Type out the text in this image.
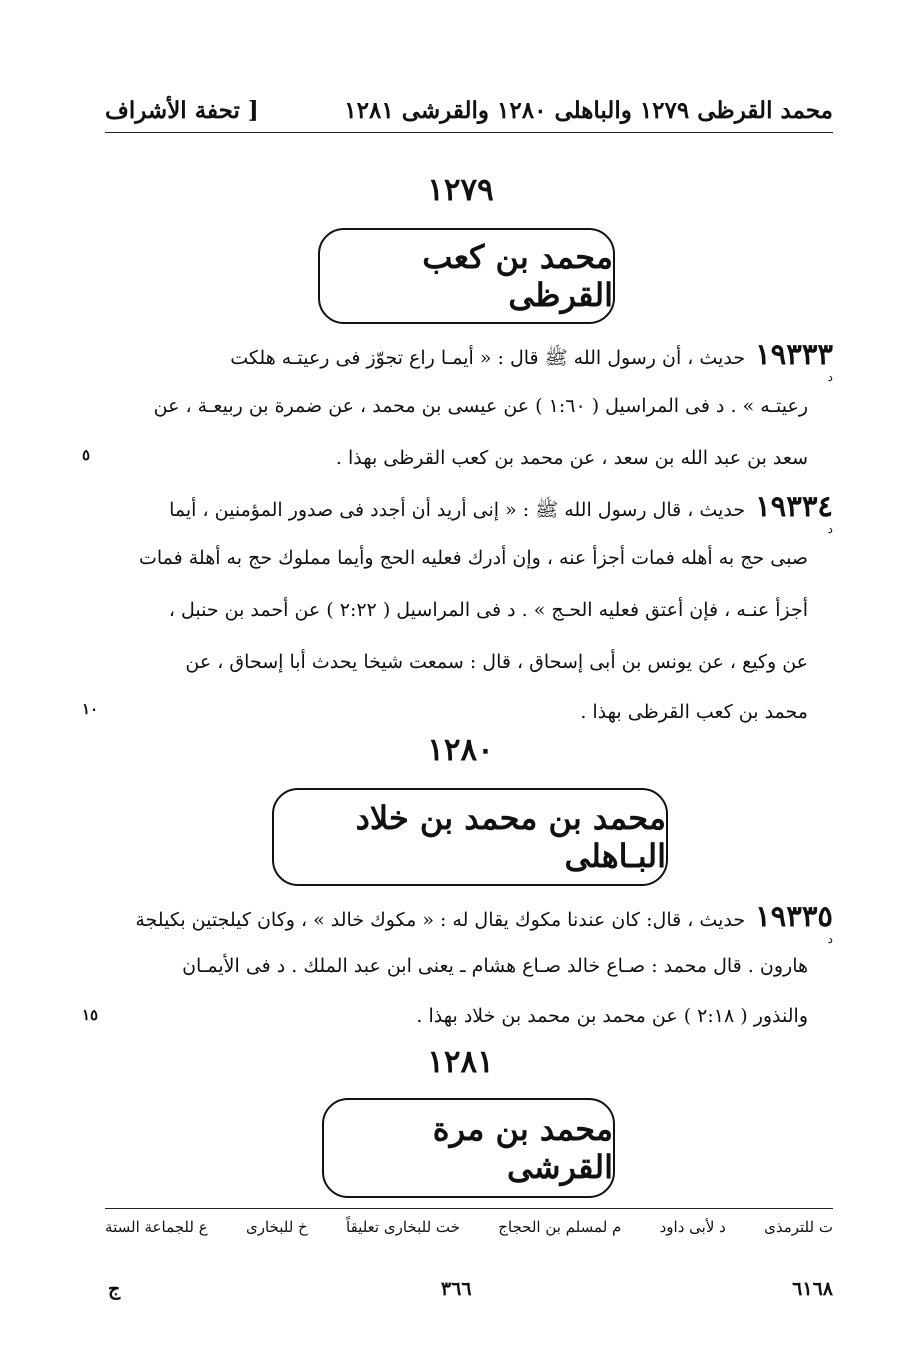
[ تحفة الأشراف	محمد القرظى ١٢٧٩ والباهلى ١٢٨٠ والقرشى ١٢٨١
١٢٧٩
محمد بن كعب القرظى
١٩٣٣٣حديث ، أن رسول الله ﷺ قال : « أيمـا راع تجوّز فى رعيتـه هلكت
د
رعيتـه » . د فى المراسيل ( ١:٦٠ ) عن عيسى بن محمد ، عن ضمرة بن ربيعـة ، عن
سعد بن عبد الله بن سعد ، عن محمد بن كعب القرظى بهذا .
١٩٣٣٤حديث ، قال رسول الله ﷺ : « إنى أريد أن أجدد فى صدور المؤمنين ، أيما
د
صبى حج به أهله فمات أجزأ عنه ، وإن أدرك فعليه الحج وأيما مملوك حج به أهلة فمات
أجزأ عنـه ، فإن أعتق فعليه الحـج » . د فى المراسيل ( ٢:٢٢ ) عن أحمد بن حنبل ،
عن وكيع ، عن يونس بن أبى إسحاق ، قال : سمعت شيخا يحدث أبا إسحاق ، عن
محمد بن كعب القرظى بهذا .
١٢٨٠
محمد بن محمد بن خلاد البـاهلى
١٩٣٣٥حديث ، قال: كان عندنا مكوك يقال له : « مكوك خالد » ، وكان كيلجتين بكيلجة
د
هارون . قال محمد : صـاع خالد صـاع هشام ـ يعنى ابن عبد الملك . د فى الأيمـان
والنذور ( ٢:١٨ ) عن محمد بن محمد بن خلاد بهذا .
١٢٨١
محمد بن مرة القرشى
٥
١٠
١٥
ع للجماعة الستة	خ للبخارى	خت للبخارى تعليقاً	م لمسلم بن الحجاج	د لأبى داود	ت للترمذى
ج	٣٦٦	٦١٦٨
